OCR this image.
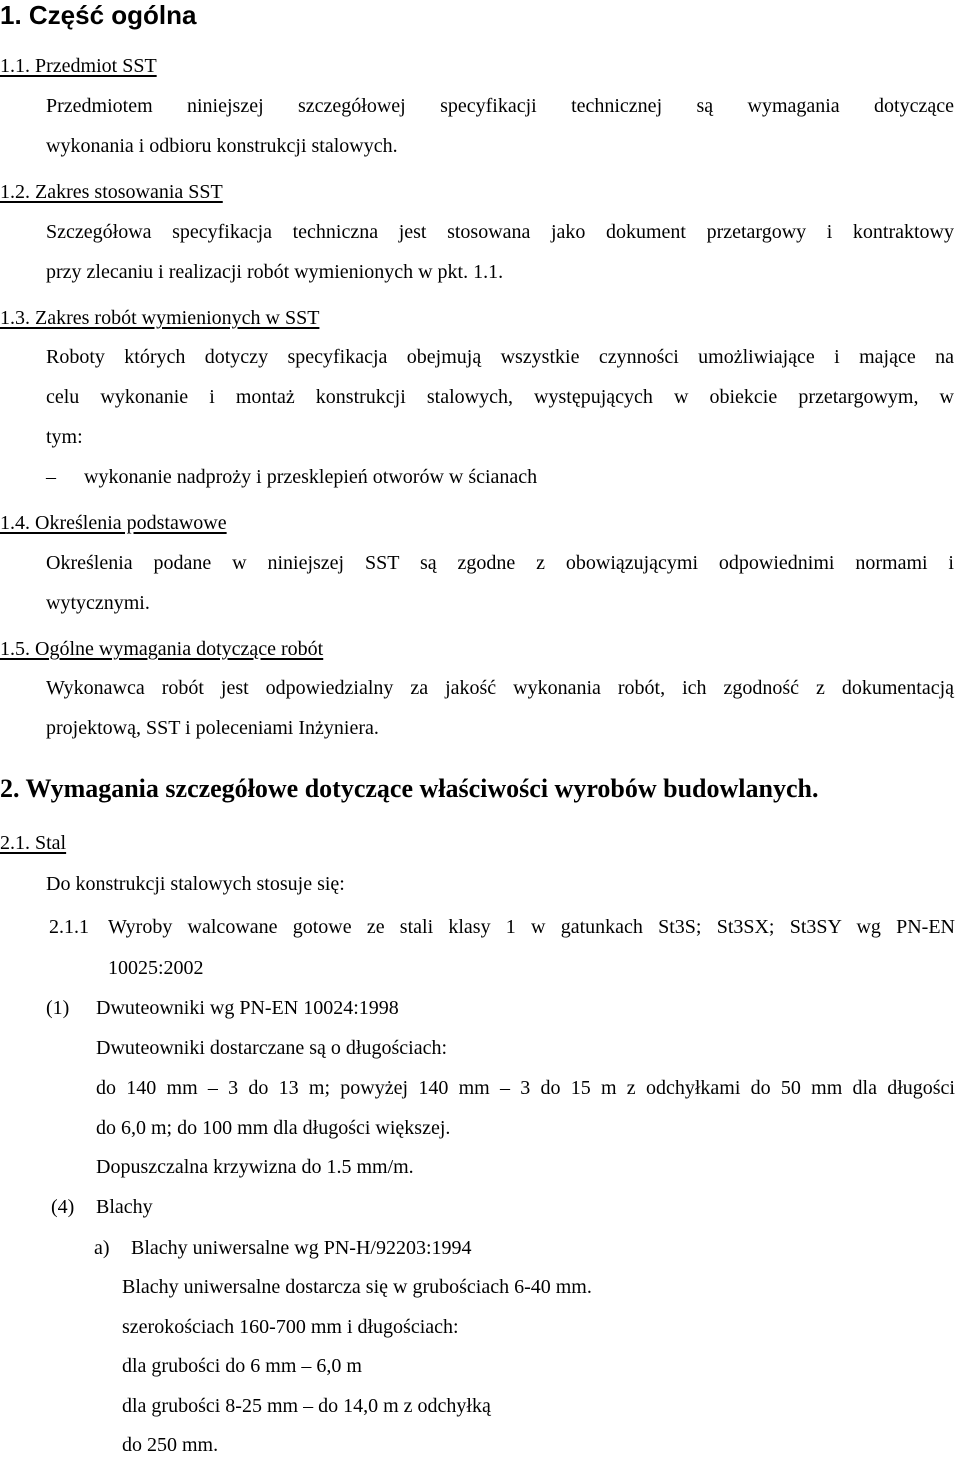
1. Część ogólna
1.1. Przedmiot SST
Przedmiotem niniejszej szczegółowej specyfikacji technicznej są wymagania dotyczące
wykonania i odbioru konstrukcji stalowych.
1.2. Zakres stosowania SST
Szczegółowa specyfikacja techniczna jest stosowana jako dokument przetargowy i kontraktowy
przy zlecaniu i realizacji robót wymienionych w pkt. 1.1.
1.3. Zakres robót wymienionych w SST
Roboty których dotyczy specyfikacja obejmują wszystkie czynności umożliwiające i mające na
celu wykonanie i montaż konstrukcji stalowych, występujących w obiekcie przetargowym, w
tym:
– wykonanie nadproży i przesklepień otworów w ścianach
1.4. Określenia podstawowe
Określenia podane w niniejszej SST są zgodne z obowiązującymi odpowiednimi normami i
wytycznymi.
1.5. Ogólne wymagania dotyczące robót
Wykonawca robót jest odpowiedzialny za jakość wykonania robót, ich zgodność z dokumentacją
projektową, SST i poleceniami Inżyniera.
2. Wymagania szczegółowe dotyczące właściwości wyrobów budowlanych.
2.1. Stal
Do konstrukcji stalowych stosuje się:
2.1.1 Wyroby walcowane gotowe ze stali klasy 1 w gatunkach St3S; St3SX; St3SY wg PN-EN
10025:2002
(1) Dwuteowniki wg PN-EN 10024:1998
Dwuteowniki dostarczane są o długościach:
do 140 mm – 3 do 13 m; powyżej 140 mm – 3 do 15 m z odchyłkami do 50 mm dla długości
do 6,0 m; do 100 mm dla długości większej.
Dopuszczalna krzywizna do 1.5 mm/m.
(4) Blachy
a) Blachy uniwersalne wg PN-H/92203:1994
Blachy uniwersalne dostarcza się w grubościach 6-40 mm.
szerokościach 160-700 mm i długościach:
dla grubości do 6 mm – 6,0 m
dla grubości 8-25 mm – do 14,0 m z odchyłką
do 250 mm.
